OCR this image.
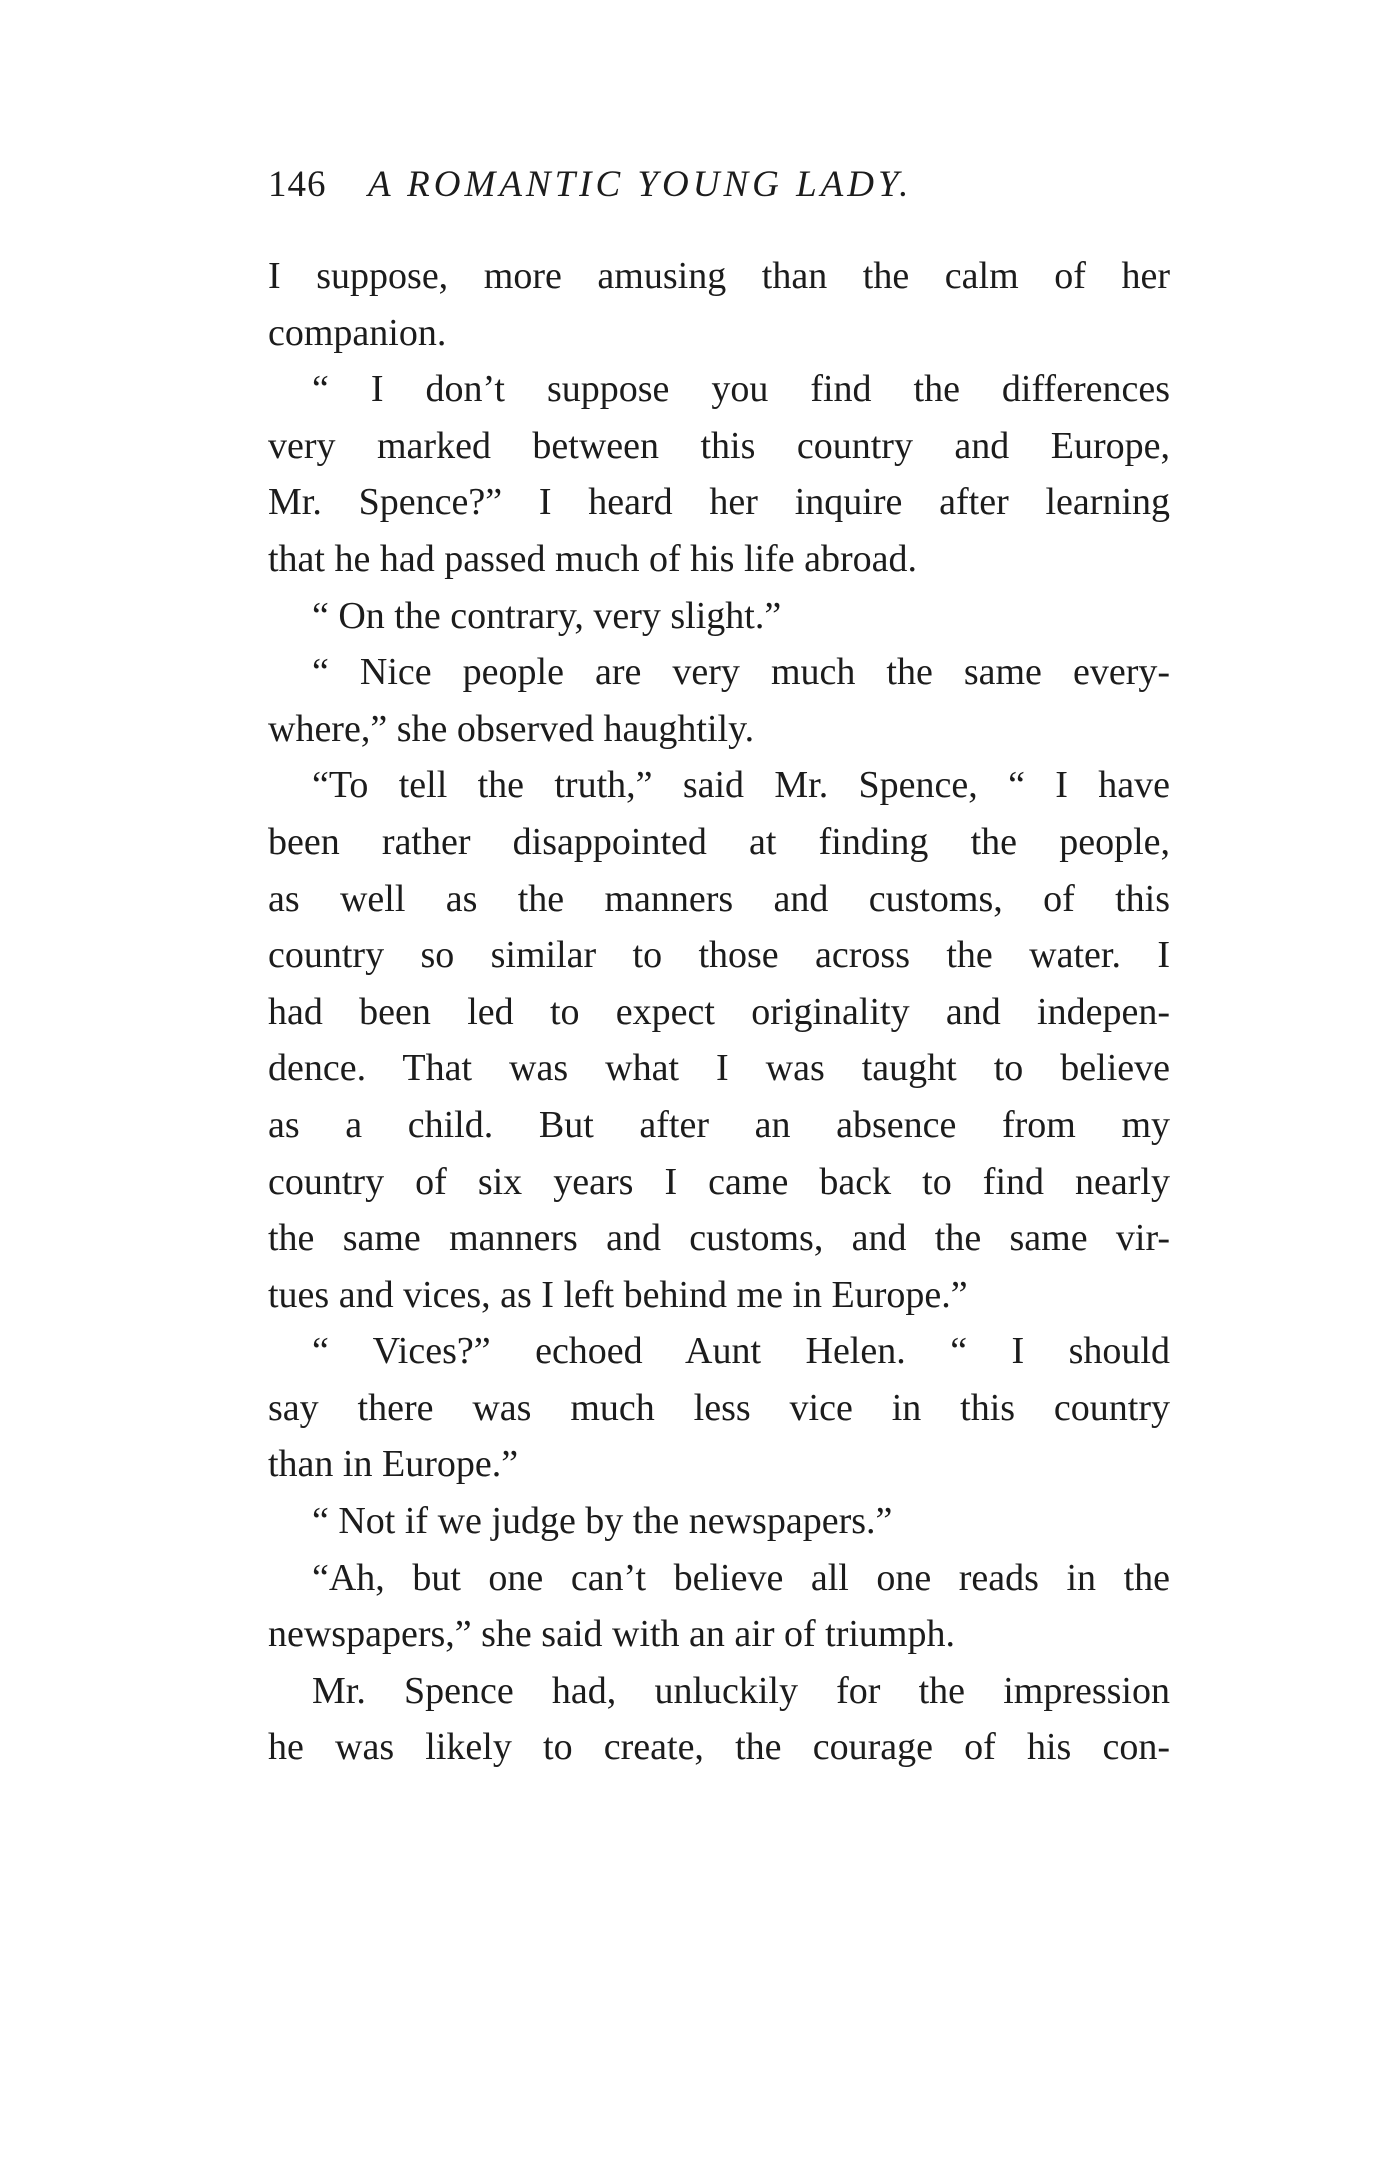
146 A ROMANTIC YOUNG LADY.
I suppose, more amusing than the calm of her
companion.
“ I don’t suppose you find the differences
very marked between this country and Europe,
Mr. Spence?” I heard her inquire after learning
that he had passed much of his life abroad.
“ On the contrary, very slight.”
“ Nice people are very much the same every-
where,” she observed haughtily.
“To tell the truth,” said Mr. Spence, “ I have
been rather disappointed at finding the people,
as well as the manners and customs, of this
country so similar to those across the water. I
had been led to expect originality and indepen-
dence. That was what I was taught to believe
as a child. But after an absence from my
country of six years I came back to find nearly
the same manners and customs, and the same vir-
tues and vices, as I left behind me in Europe.”
“ Vices?” echoed Aunt Helen. “ I should
say there was much less vice in this country
than in Europe.”
“ Not if we judge by the newspapers.”
“Ah, but one can’t believe all one reads in the
newspapers,” she said with an air of triumph.
Mr. Spence had, unluckily for the impression
he was likely to create, the courage of his con-
